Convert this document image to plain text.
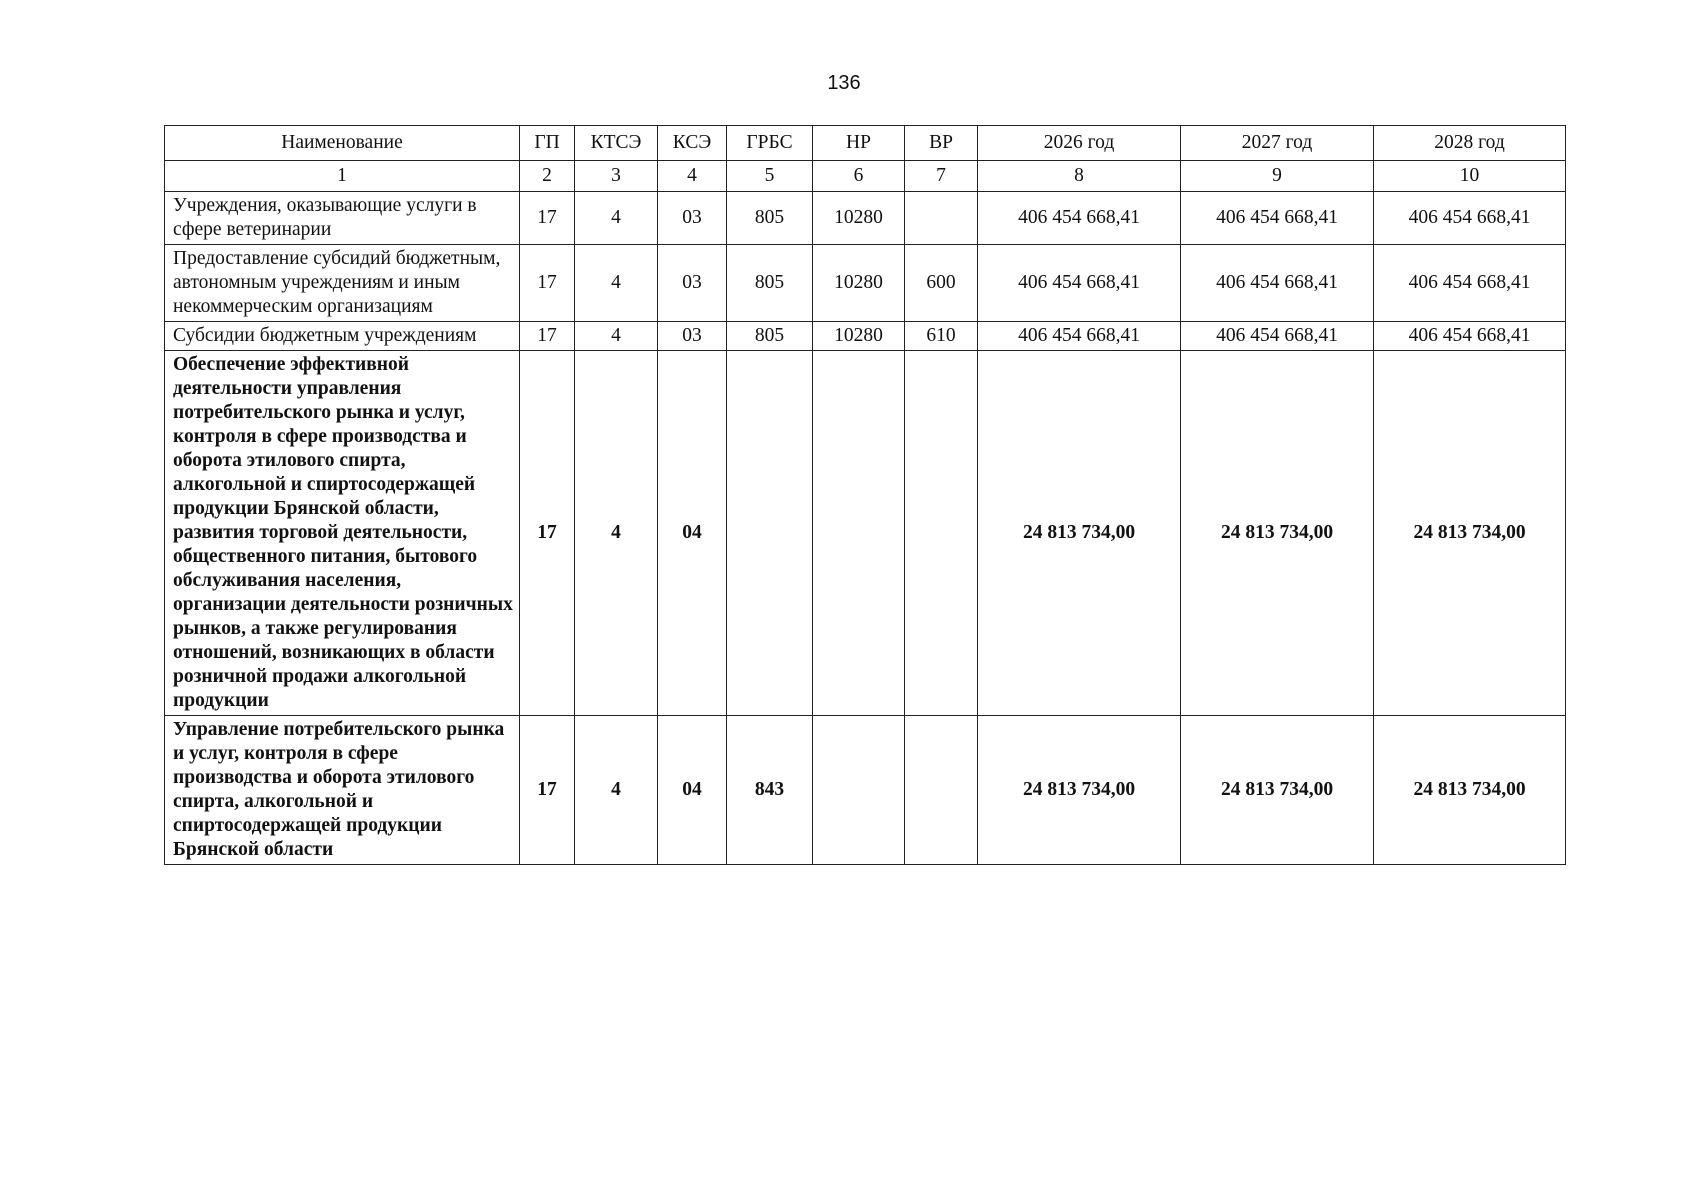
136
Наименование	ГП	КТСЭ	КСЭ	ГРБС	НР	ВР	2026 год	2027 год	2028 год
1	2	3	4	5	6	7	8	9	10
Учреждения, оказывающие услуги в сфере ветеринарии	17	4	03	805	10280		406 454 668,41	406 454 668,41	406 454 668,41
Предоставление субсидий бюджетным, автономным учреждениям и иным некоммерческим организациям	17	4	03	805	10280	600	406 454 668,41	406 454 668,41	406 454 668,41
Субсидии бюджетным учреждениям	17	4	03	805	10280	610	406 454 668,41	406 454 668,41	406 454 668,41
Обеспечение эффективной деятельности управления потребительского рынка и услуг, контроля в сфере производства и оборота этилового спирта, алкогольной и спиртосодержащей продукции Брянской области, развития торговой деятельности, общественного питания, бытового обслуживания населения, организации деятельности розничных рынков, а также регулирования отношений, возникающих в области розничной продажи алкогольной продукции	17	4	04				24 813 734,00	24 813 734,00	24 813 734,00
Управление потребительского рынка и услуг, контроля в сфере производства и оборота этилового спирта, алкогольной и спиртосодержащей продукции Брянской области	17	4	04	843			24 813 734,00	24 813 734,00	24 813 734,00
